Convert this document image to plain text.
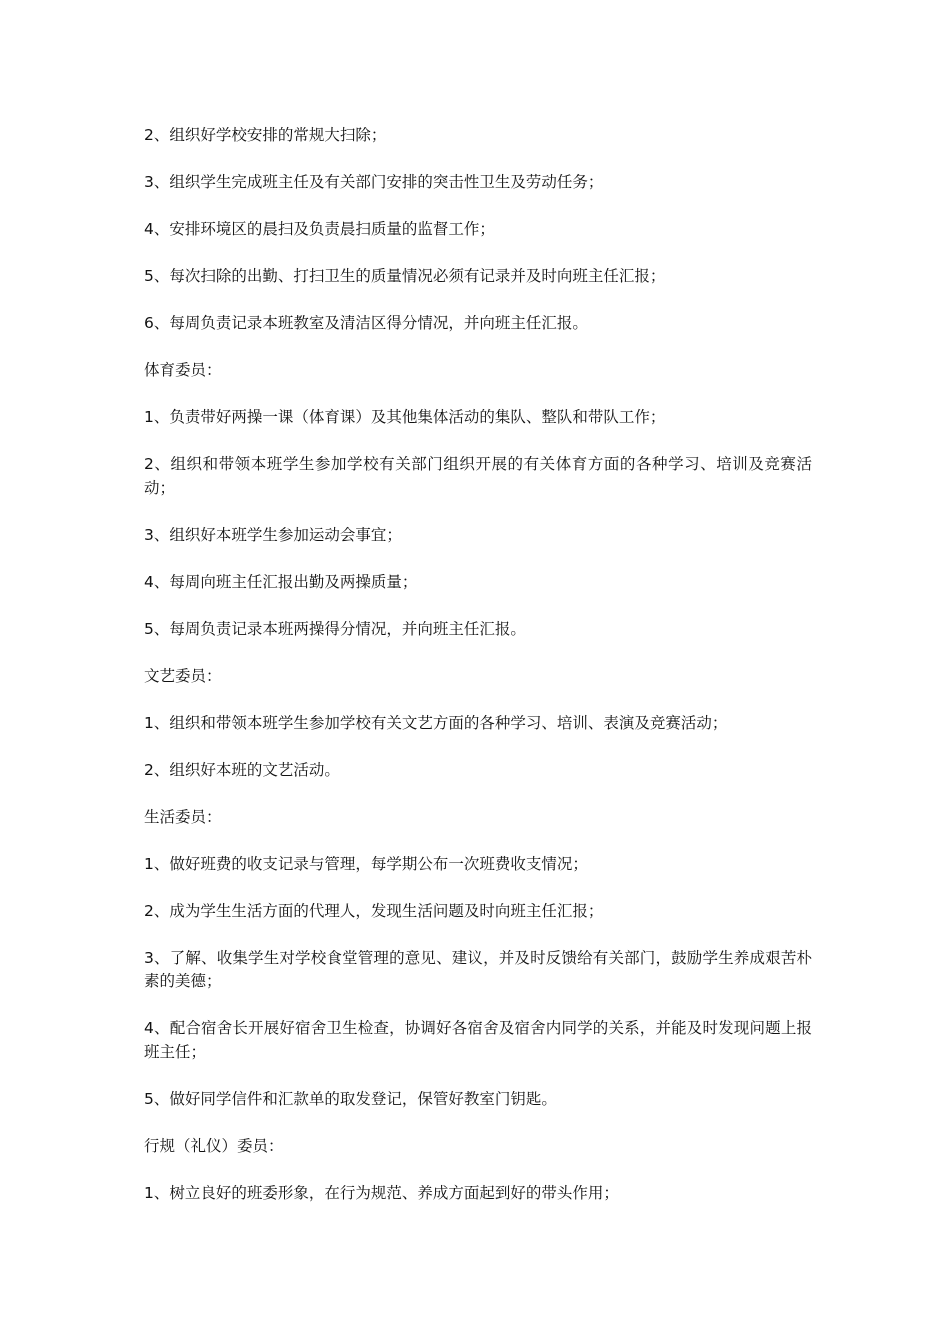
2、组织好学校安排的常规大扫除；

3、组织学生完成班主任及有关部门安排的突击性卫生及劳动任务；

4、安排环境区的晨扫及负责晨扫质量的监督工作；

5、每次扫除的出勤、打扫卫生的质量情况必须有记录并及时向班主任汇报；

6、每周负责记录本班教室及清洁区得分情况，并向班主任汇报。

体育委员：

1、负责带好两操一课（体育课）及其他集体活动的集队、整队和带队工作；

2、组织和带领本班学生参加学校有关部门组织开展的有关体育方面的各种学习、培训及竞赛活动；

3、组织好本班学生参加运动会事宜；

4、每周向班主任汇报出勤及两操质量；

5、每周负责记录本班两操得分情况，并向班主任汇报。

文艺委员：

1、组织和带领本班学生参加学校有关文艺方面的各种学习、培训、表演及竞赛活动；

2、组织好本班的文艺活动。

生活委员：

1、做好班费的收支记录与管理，每学期公布一次班费收支情况；

2、成为学生生活方面的代理人，发现生活问题及时向班主任汇报；

3、了解、收集学生对学校食堂管理的意见、建议，并及时反馈给有关部门，鼓励学生养成艰苦朴素的美德；

4、配合宿舍长开展好宿舍卫生检查，协调好各宿舍及宿舍内同学的关系，并能及时发现问题上报班主任；

5、做好同学信件和汇款单的取发登记，保管好教室门钥匙。

行规（礼仪）委员：

1、树立良好的班委形象，在行为规范、养成方面起到好的带头作用；
